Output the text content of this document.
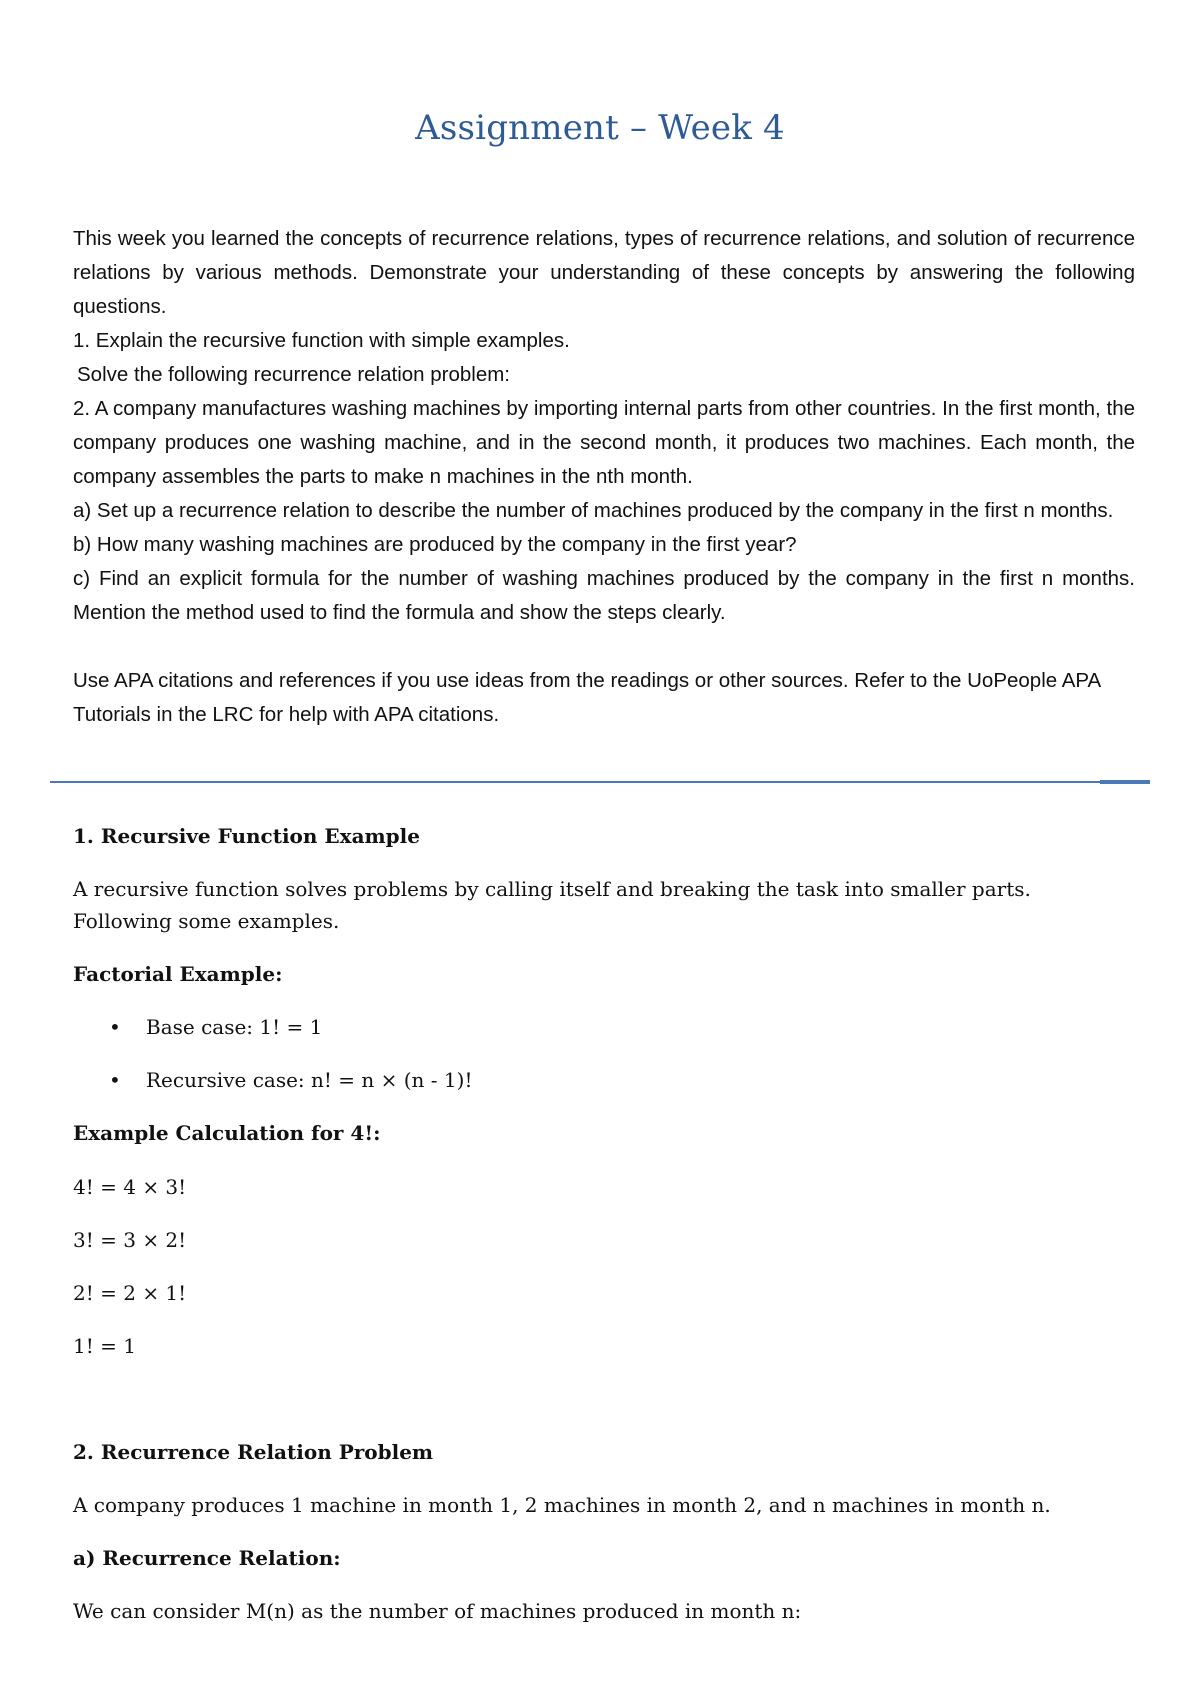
Assignment – Week 4

This week you learned the concepts of recurrence relations, types of recurrence relations, and solution of recurrence relations by various methods. Demonstrate your understanding of these concepts by answering the following questions.

1. Explain the recursive function with simple examples.

Solve the following recurrence relation problem:

2. A company manufactures washing machines by importing internal parts from other countries. In the first month, the company produces one washing machine, and in the second month, it produces two machines. Each month, the company assembles the parts to make n machines in the nth month.

a) Set up a recurrence relation to describe the number of machines produced by the company in the first n months.

b) How many washing machines are produced by the company in the first year?

c) Find an explicit formula for the number of washing machines produced by the company in the first n months. Mention the method used to find the formula and show the steps clearly.

Use APA citations and references if you use ideas from the readings or other sources. Refer to the UoPeople APA Tutorials in the LRC for help with APA citations.

1. Recursive Function Example
A recursive function solves problems by calling itself and breaking the task into smaller parts.
Following some examples.
Factorial Example:
• Base case: 1! = 1
• Recursive case: n! = n × (n - 1)!
Example Calculation for 4!:
4! = 4 × 3!
3! = 3 × 2!
2! = 2 × 1!
1! = 1
2. Recurrence Relation Problem
A company produces 1 machine in month 1, 2 machines in month 2, and n machines in month n.
a) Recurrence Relation:
We can consider M(n) as the number of machines produced in month n:
